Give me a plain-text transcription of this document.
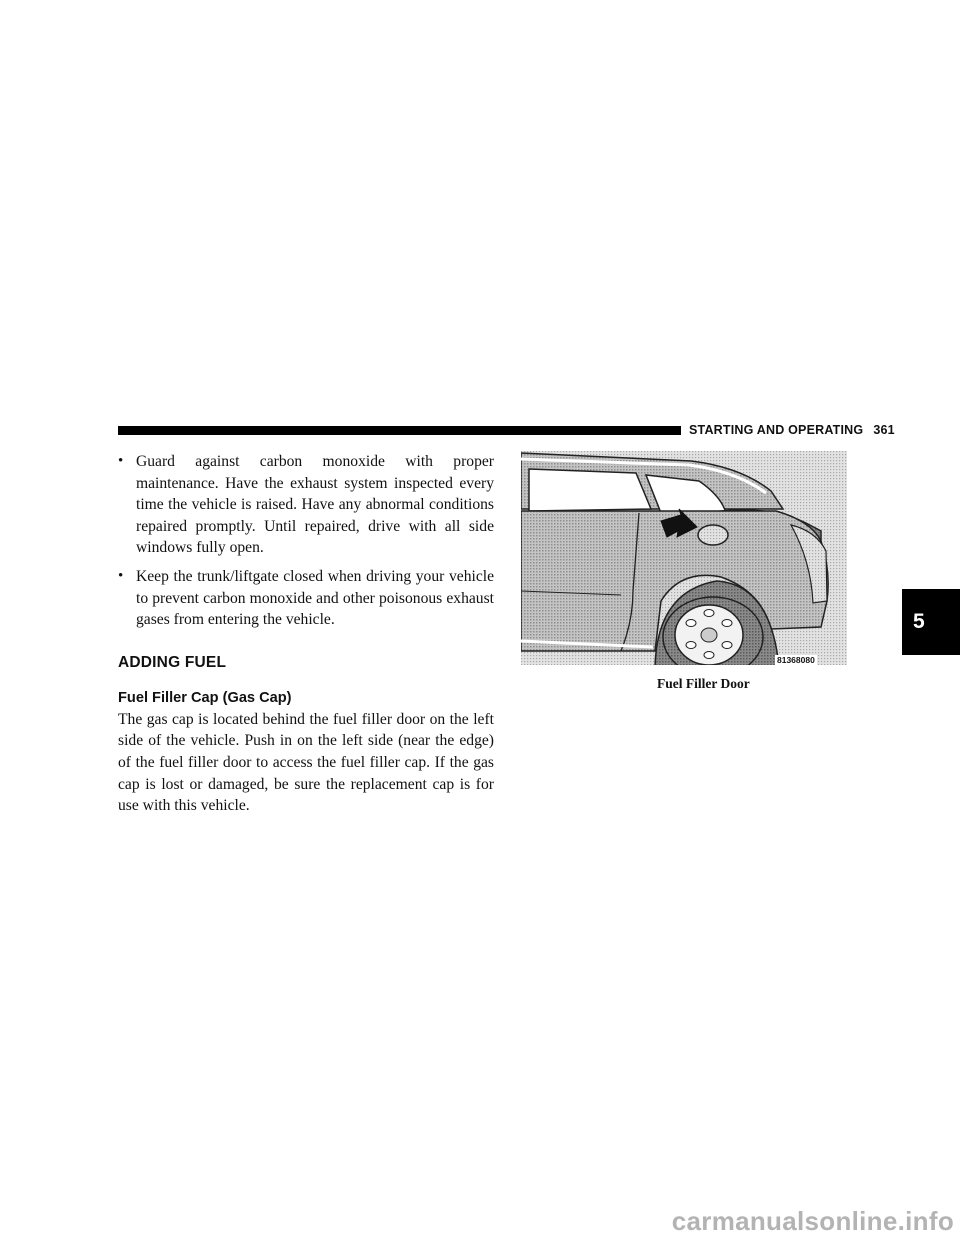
STARTING AND OPERATING 361
• Guard against carbon monoxide with proper maintenance. Have the exhaust system inspected every time the vehicle is raised. Have any abnormal conditions repaired promptly. Until repaired, drive with all side windows fully open.
• Keep the trunk/liftgate closed when driving your vehicle to prevent carbon monoxide and other poisonous exhaust gases from entering the vehicle.
ADDING FUEL
Fuel Filler Cap (Gas Cap)

The gas cap is located behind the fuel filler door on the left side of the vehicle. Push in on the left side (near the edge) of the fuel filler door to access the fuel filler cap. If the gas cap is lost or damaged, be sure the replacement cap is for use with this vehicle.

81368080
Fuel Filler Door
5
carmanualsonline.info
